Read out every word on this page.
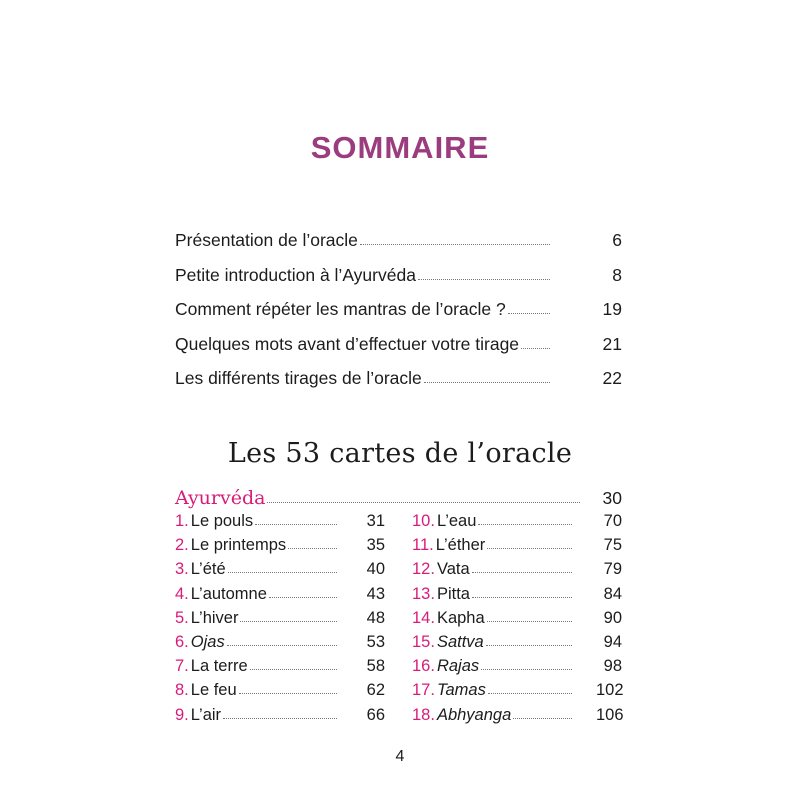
SOMMAIRE
Présentation de l’oracle	6
Petite introduction à l’Ayurvéda	8
Comment répéter les mantras de l’oracle ?	19
Quelques mots avant d’effectuer votre tirage	21
Les différents tirages de l’oracle	22
Les 53 cartes de l’oracle
Ayurvéda	30
1. Le pouls	31
2. Le printemps	35
3. L’été	40
4. L’automne	43
5. L’hiver	48
6. Ojas	53
7. La terre	58
8. Le feu	62
9. L’air	66
10. L’eau	70
11. L’éther	75
12. Vata	79
13. Pitta	84
14. Kapha	90
15. Sattva	94
16. Rajas	98
17. Tamas	102
18. Abhyanga	106
4
